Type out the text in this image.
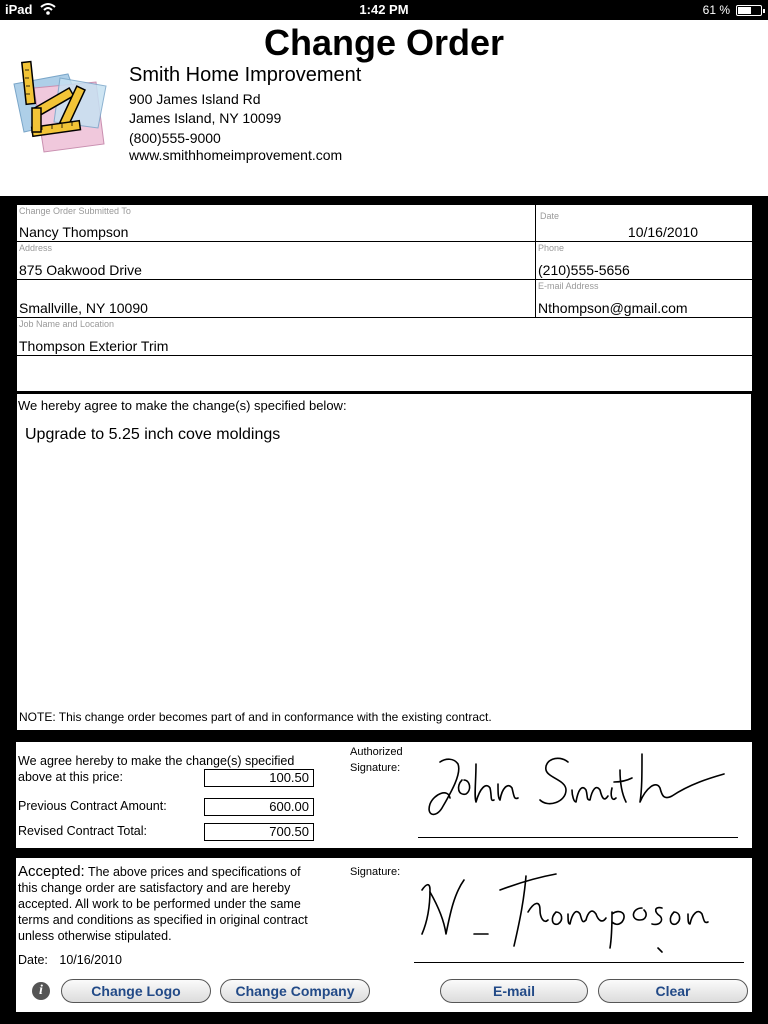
iPad	1:42 PM	61 %
Change Order
Smith Home Improvement
900 James Island Rd
James Island, NY 10099
(800)555-9000
www.smithhomeimprovement.com
Change Order Submitted To
Nancy Thompson
Date
10/16/2010
Address
875 Oakwood Drive
Phone
(210)555-5656
Smallville, NY 10090
E-mail Address
Nthompson@gmail.com
Job Name and Location
Thompson Exterior Trim
We hereby agree to make the change(s) specified below:
Upgrade to 5.25 inch cove moldings
NOTE: This change order becomes part of and in conformance with the existing contract.
We agree hereby to make the change(s) specified
above at this price:	100.50
Previous Contract Amount:	600.00
Revised Contract Total:	700.50
Authorized
Signature:
Accepted: The above prices and specifications of this change order are satisfactory and are hereby accepted. All work to be performed under the same terms and conditions as specified in original contract unless otherwise stipulated.
Date: 10/16/2010
Signature:
i	Change Logo	Change Company	E-mail	Clear
